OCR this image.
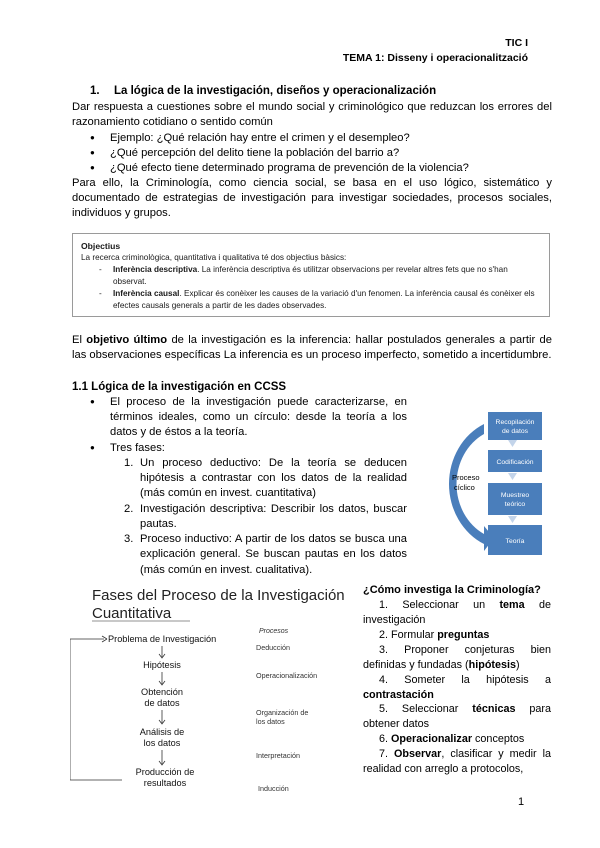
TIC I
TEMA 1: Disseny i operacionalització
1. La lógica de la investigación, diseños y operacionalización
Dar respuesta a cuestiones sobre el mundo social y criminológico que reduzcan los errores del razonamiento cotidiano o sentido común
● Ejemplo: ¿Qué relación hay entre el crimen y el desempleo?
● ¿Qué percepción del delito tiene la población del barrio a?
● ¿Qué efecto tiene determinado programa de prevención de la violencia?
Para ello, la Criminología, como ciencia social, se basa en el uso lógico, sistemático y documentado de estrategias de investigación para investigar sociedades, procesos sociales, individuos y grupos.
Objectius
La recerca criminològica, quantitativa i qualitativa té dos objectius bàsics:
- Inferència descriptiva. La inferència descriptiva és utilitzar observacions per revelar altres fets que no s'han observat.
- Inferència causal. Explicar és conèixer les causes de la variació d'un fenomen. La inferència causal és conèixer els efectes causals generals a partir de les dades observades.
El objetivo último de la investigación es la inferencia: hallar postulados generales a partir de las observaciones específicas La inferencia es un proceso imperfecto, sometido a incertidumbre.
1.1 Lógica de la investigación en CCSS
● El proceso de la investigación puede caracterizarse, en términos ideales, como un círculo: desde la teoría a los datos y de éstos a la teoría.
● Tres fases:
1. Un proceso deductivo: De la teoría se deducen hipótesis a contrastar con los datos de la realidad (más común en invest. cuantitativa)
2. Investigación descriptiva: Describir los datos, buscar pautas.
3. Proceso inductivo: A partir de los datos se busca una explicación general. Se buscan pautas en los datos (más común en invest. cualitativa).
Proceso
cíclico
Recopilación
de datos
Codificación
Muestreo
teórico
Teoría
Fases del Proceso de la Investigación
Cuantitativa
Problema de Investigación
Hipótesis
Obtención
de datos
Análisis de
los datos
Producción de
resultados
Procesos
Deducción
Operacionalización
Organización de
los datos
Interpretación
Inducción
¿Cómo investiga la Criminología?

1. Seleccionar un tema de investigación

2. Formular preguntas

3. Proponer conjeturas bien definidas y fundadas (hipótesis)

4. Someter la hipótesis a contrastación

5. Seleccionar técnicas para obtener datos

6. Operacionalizar conceptos

7. Observar, clasificar y medir la realidad con arreglo a protocolos,

1
